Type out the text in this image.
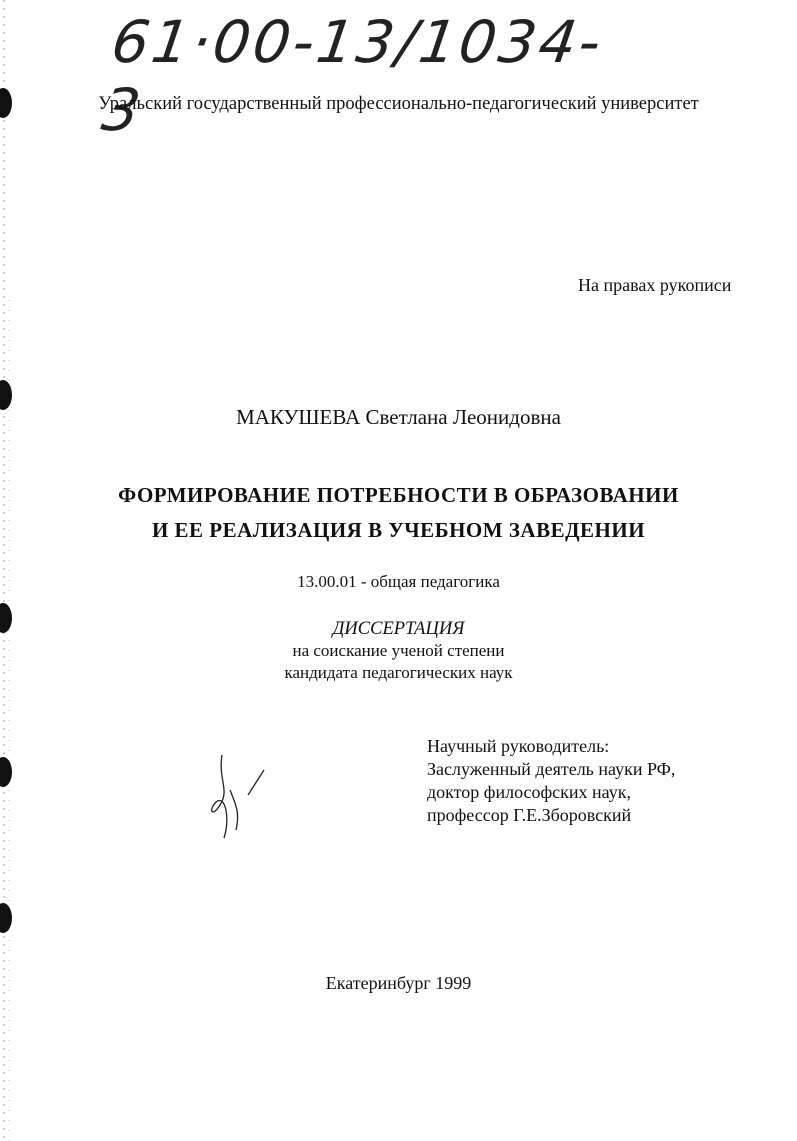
61·00-13/1034-3
Уральский государственный профессионально-педагогический университет
На правах рукописи
МАКУШЕВА Светлана Леонидовна
ФОРМИРОВАНИЕ ПОТРЕБНОСТИ В ОБРАЗОВАНИИ
И ЕЕ РЕАЛИЗАЦИЯ В УЧЕБНОМ ЗАВЕДЕНИИ
13.00.01 - общая педагогика
ДИССЕРТАЦИЯ
на соискание ученой степени
кандидата педагогических наук
Научный руководитель:
Заслуженный деятель науки РФ,
доктор философских наук,
профессор Г.Е.Зборовский
Екатеринбург 1999
